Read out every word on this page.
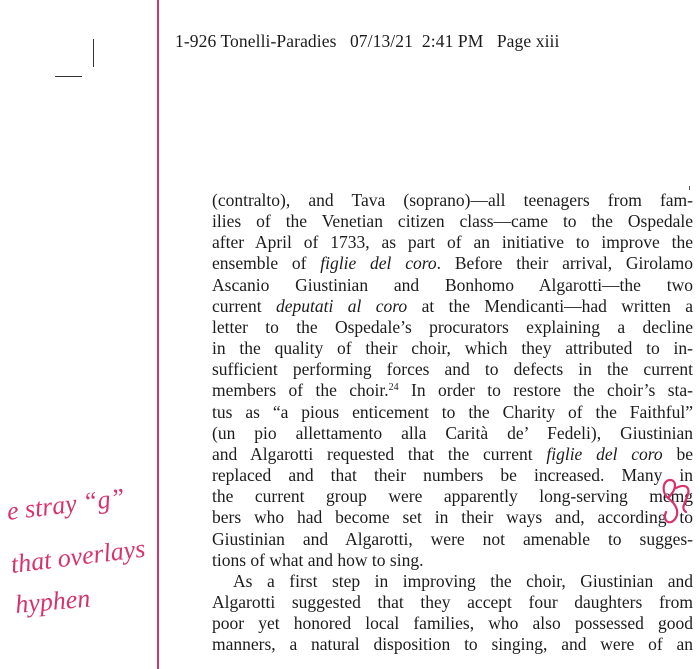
1-926 Tonelli-Paradies   07/13/21  2:41 PM   Page xiii
(contralto), and Tava (soprano)—all teenagers from fam-
ilies of the Venetian citizen class—came to the Ospedale
after April of 1733, as part of an initiative to improve the
ensemble of figlie del coro. Before their arrival, Girolamo
Ascanio Giustinian and Bonhomo Algarotti—the two
current deputati al coro at the Mendicanti—had written a
letter to the Ospedale’s procurators explaining a decline
in the quality of their choir, which they attributed to in-
sufficient performing forces and to defects in the current
members of the choir.$^{24}$ In order to restore the choir’s sta-
tus as “a pious enticement to the Charity of the Faithful”
(un pio allettamento alla Carità de’ Fedeli), Giustinian
and Algarotti requested that the current figlie del coro be
replaced and that their numbers be increased. Many in
the current group were apparently long-serving memg
bers who had become set in their ways and, according to
Giustinian and Algarotti, were not amenable to sugges-
tions of what and how to sing.
As a first step in improving the choir, Giustinian and
Algarotti suggested that they accept four daughters from
poor yet honored local families, who also possessed good
manners, a natural disposition to singing, and were of an
e stray “g”
that overlays
hyphen
